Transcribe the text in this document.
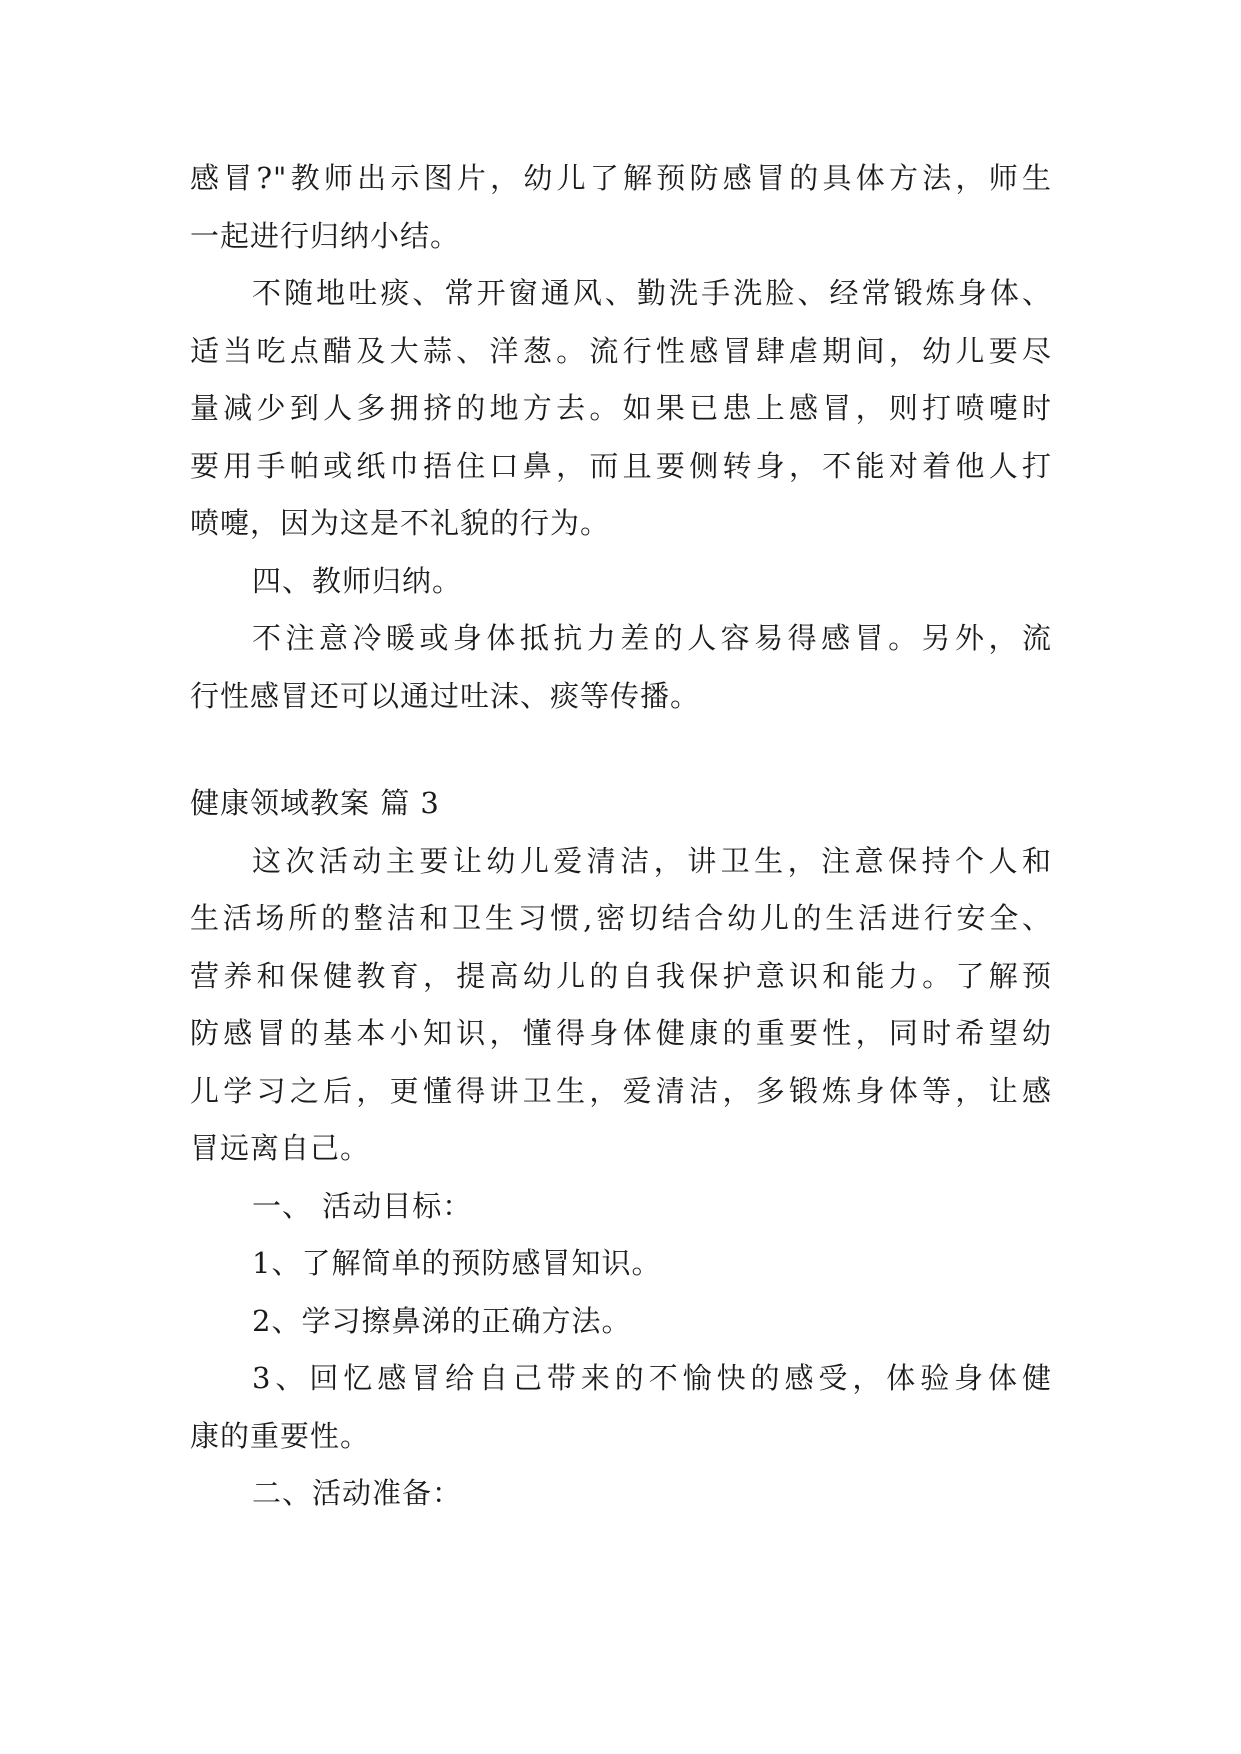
感冒?"教师出示图片，幼儿了解预防感冒的具体方法，师生
一起进行归纳小结。
不随地吐痰、常开窗通风、勤洗手洗脸、经常锻炼身体、
适当吃点醋及大蒜、洋葱。流行性感冒肆虐期间，幼儿要尽
量减少到人多拥挤的地方去。如果已患上感冒，则打喷嚏时
要用手帕或纸巾捂住口鼻，而且要侧转身，不能对着他人打
喷嚏，因为这是不礼貌的行为。
四、教师归纳。
不注意冷暖或身体抵抗力差的人容易得感冒。另外，流
行性感冒还可以通过吐沫、痰等传播。
健康领域教案 篇 3
这次活动主要让幼儿爱清洁，讲卫生，注意保持个人和
生活场所的整洁和卫生习惯,密切结合幼儿的生活进行安全、
营养和保健教育，提高幼儿的自我保护意识和能力。了解预
防感冒的基本小知识，懂得身体健康的重要性，同时希望幼
儿学习之后，更懂得讲卫生，爱清洁，多锻炼身体等，让感
冒远离自己。
一、 活动目标：
1、了解简单的预防感冒知识。
2、学习擦鼻涕的正确方法。
3、回忆感冒给自己带来的不愉快的感受，体验身体健
康的重要性。
二、活动准备：
